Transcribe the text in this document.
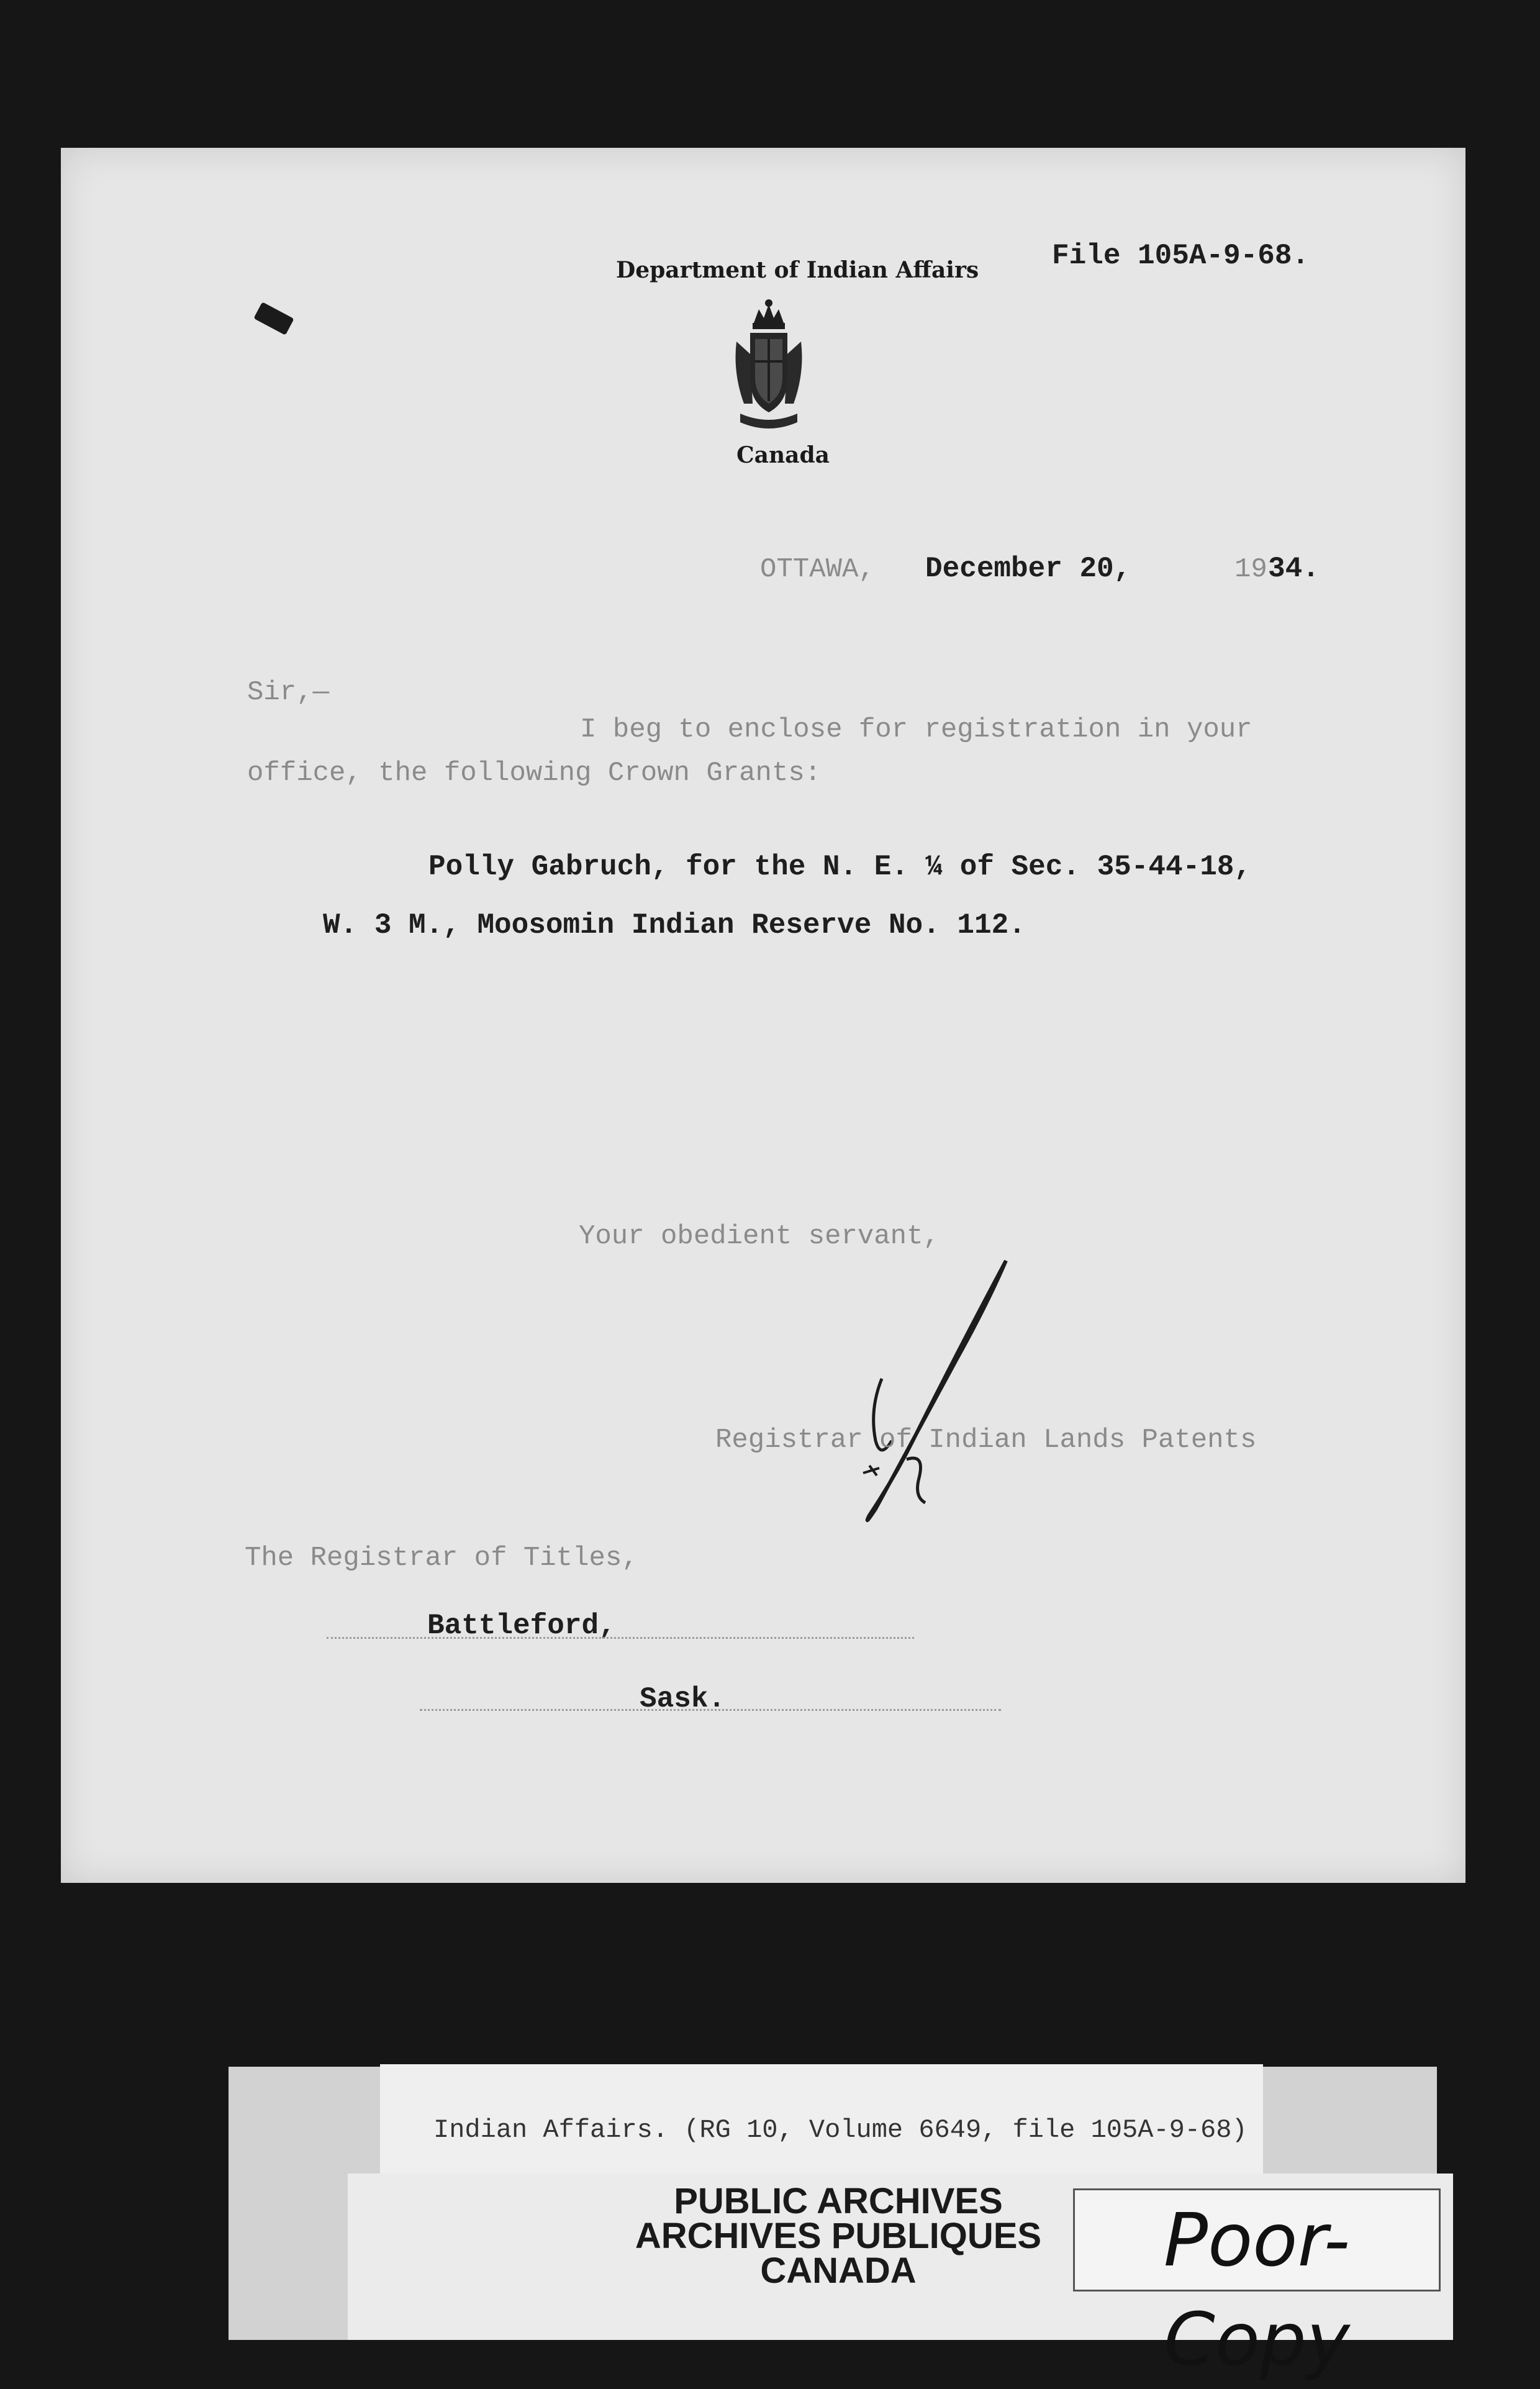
Department of Indian Affairs
Canada
File 105A-9-68.
OTTAWA, December 20,	19 34.
Sir,—
I beg to enclose for registration in your
office, the following Crown Grants:
Polly Gabruch, for the N. E. ¼ of Sec. 35-44-18,
W. 3 M., Moosomin Indian Reserve No. 112.
Your obedient servant,
Registrar of Indian Lands Patents
The Registrar of Titles,
Battleford,
Sask.
Indian Affairs. (RG 10, Volume 6649, file 105A-9-68)
PUBLIC ARCHIVES
ARCHIVES PUBLIQUES
CANADA	Poor-Copy
